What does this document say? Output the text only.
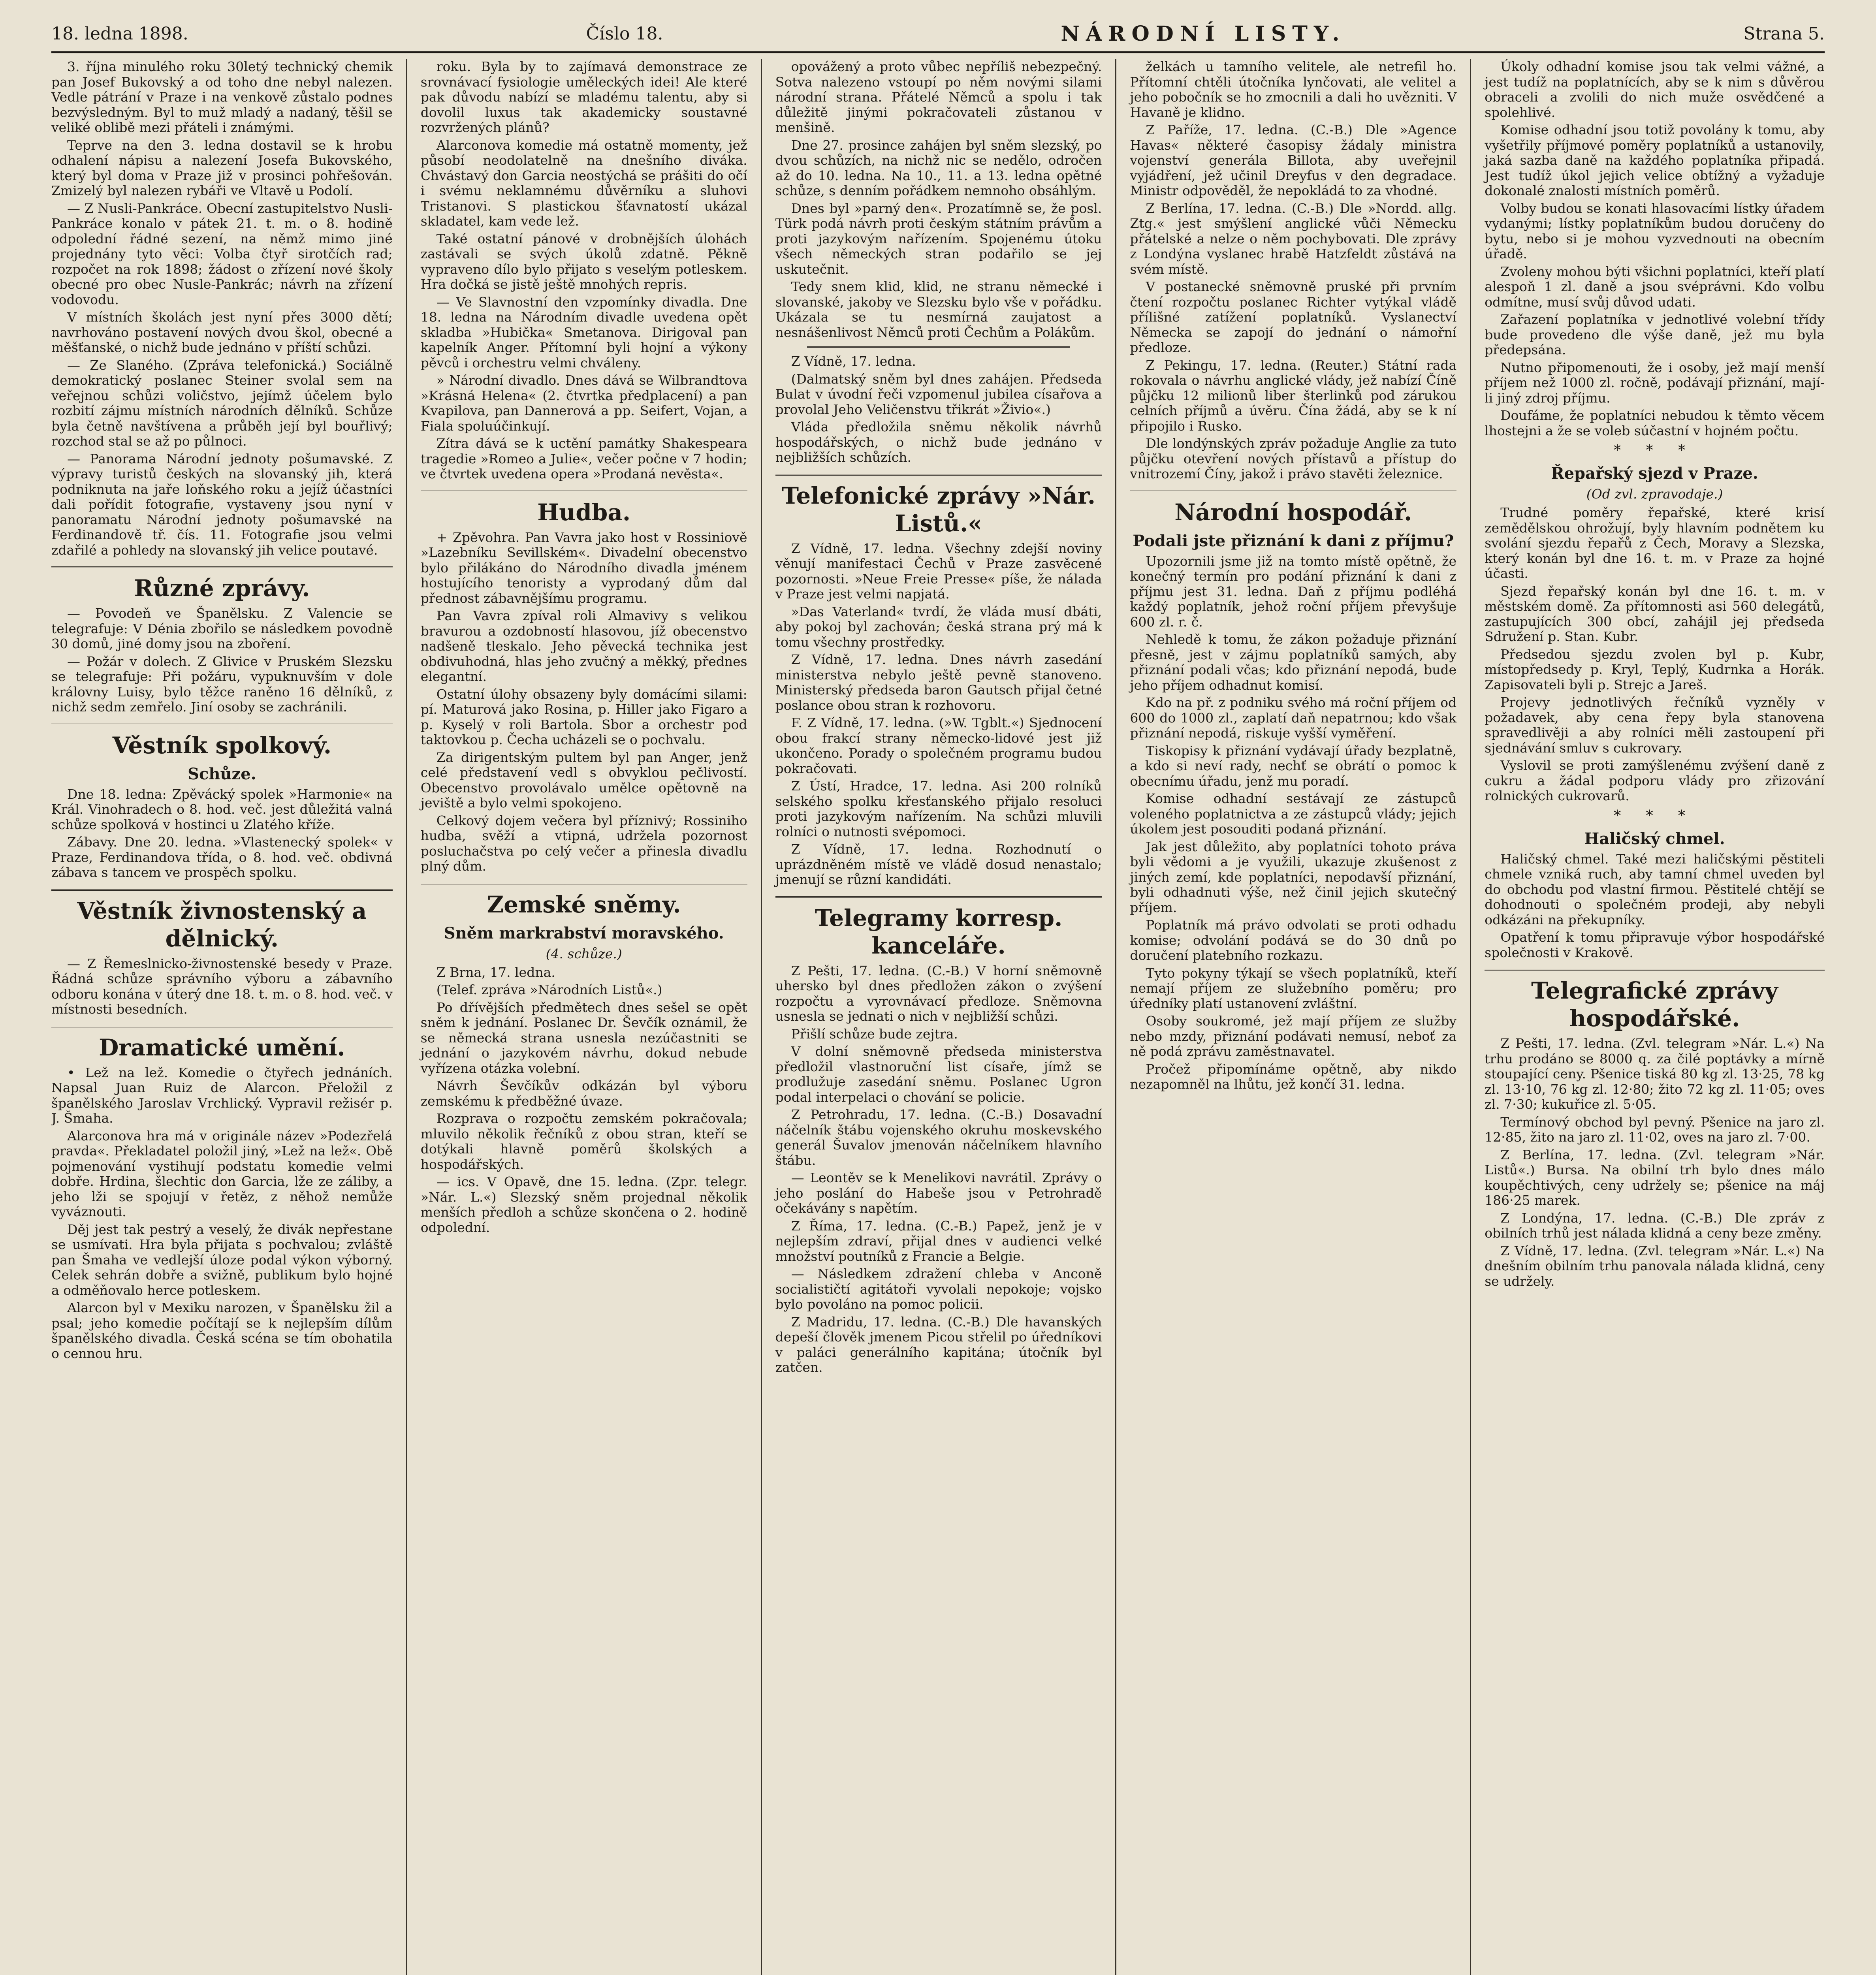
18. ledna 1898.	Číslo 18.	NÁRODNÍ LISTY.	Strana 5.

3. října minulého roku 30letý technický chemik pan Josef Bukovský a od toho dne nebyl nalezen. Vedle pátrání v Praze i na venkově zůstalo podnes bezvýsledným. Byl to muž mladý a nadaný, těšil se veliké oblibě mezi přáteli i známými.

Teprve na den 3. ledna dostavil se k hrobu odhalení nápisu a nalezení Josefa Bukovského, který byl doma v Praze již v prosinci pohřešován. Zmizelý byl nalezen rybáři ve Vltavě u Podolí.

— Z Nusli-Pankráce. Obecní zastupitelstvo Nusli-Pankráce konalo v pátek 21. t. m. o 8. hodině odpolední řádné sezení, na němž mimo jiné projednány tyto věci: Volba čtyř sirotčích rad; rozpočet na rok 1898; žádost o zřízení nové školy obecné pro obec Nusle-Pankrác; návrh na zřízení vodovodu.

V místních školách jest nyní přes 3000 dětí; navrhováno postavení nových dvou škol, obecné a měšťanské, o nichž bude jednáno v příští schůzi.

— Ze Slaného. (Zpráva telefonická.) Sociálně demokratický poslanec Steiner svolal sem na veřejnou schůzi voličstvo, jejímž účelem bylo rozbití zájmu místních národních dělníků. Schůze byla četně navštívena a průběh její byl bouřlivý; rozchod stal se až po půlnoci.

— Panorama Národní jednoty pošumavské. Z výpravy turistů českých na slovanský jih, která podniknuta na jaře loňského roku a jejíž účastníci dali pořídit fotografie, vystaveny jsou nyní v panoramatu Národní jednoty pošumavské na Ferdinandově tř. čís. 11. Fotografie jsou velmi zdařilé a pohledy na slovanský jih velice poutavé.

Různé zprávy.

— Povodeň ve Španělsku. Z Valencie se telegrafuje: V Dénia zbořilo se následkem povodně 30 domů, jiné domy jsou na zboření.

— Požár v dolech. Z Glivice v Pruském Slezsku se telegrafuje: Při požáru, vypuknuvším v dole královny Luisy, bylo těžce raněno 16 dělníků, z nichž sedm zemřelo. Jiní osoby se zachránili.

Věstník spolkový.
Schůze.

Dne 18. ledna: Zpěvácký spolek »Harmonie« na Král. Vinohradech o 8. hod. več. jest důležitá valná schůze spolková v hostinci u Zlatého kříže.

Zábavy. Dne 20. ledna. »Vlastenecký spolek« v Praze, Ferdinandova třída, o 8. hod. več. obdivná zábava s tancem ve prospěch spolku.

Věstník živnostenský a dělnický.

— Z Řemeslnicko-živnostenské besedy v Praze. Řádná schůze správního výboru a zábavního odboru konána v úterý dne 18. t. m. o 8. hod. več. v místnosti besedních.

Dramatické umění.

• Lež na lež. Komedie o čtyřech jednáních. Napsal Juan Ruiz de Alarcon. Přeložil z španělského Jaroslav Vrchlický. Vypravil režisér p. J. Šmaha.

Alarconova hra má v originále název »Podezřelá pravda«. Překladatel položil jiný, »Lež na lež«. Obě pojmenování vystihují podstatu komedie velmi dobře. Hrdina, šlechtic don Garcia, lže ze záliby, a jeho lži se spojují v řetěz, z něhož nemůže vyváznouti.

Děj jest tak pestrý a veselý, že divák nepřestane se usmívati. Hra byla přijata s pochvalou; zvláště pan Šmaha ve vedlejší úloze podal výkon výborný. Celek sehrán dobře a svižně, publikum bylo hojné a odměňovalo herce potleskem.

Alarcon byl v Mexiku narozen, v Španělsku žil a psal; jeho komedie počítají se k nejlepším dílům španělského divadla. Česká scéna se tím obohatila o cennou hru.

roku. Byla by to zajímavá demonstrace ze srovnávací fysiologie uměleckých idei! Ale které pak důvodu nabízí se mladému talentu, aby si dovolil luxus tak akademicky soustavné rozvržených plánů?

Alarconova komedie má ostatně momenty, jež působí neodolatelně na dnešního diváka. Chvástavý don Garcia neostýchá se prášiti do očí i svému neklamnému důvěrníku a sluhovi Tristanovi. S plastickou šťavnatostí ukázal skladatel, kam vede lež.

Také ostatní pánové v drobnějších úlohách zastávali se svých úkolů zdatně. Pěkně vypraveno dílo bylo přijato s veselým potleskem. Hra dočká se jistě ještě mnohých repris.

— Ve Slavnostní den vzpomínky divadla. Dne 18. ledna na Národním divadle uvedena opět skladba »Hubička« Smetanova. Dirigoval pan kapelník Anger. Přítomní byli hojní a výkony pěvců i orchestru velmi chváleny.

» Národní divadlo. Dnes dává se Wilbrandtova »Krásná Helena« (2. čtvrtka předplacení) a pan Kvapilova, pan Dannerová a pp. Seifert, Vojan, a Fiala spoluúčinkují.

Zítra dává se k uctění památky Shakespeara tragedie »Romeo a Julie«, večer počne v 7 hodin; ve čtvrtek uvedena opera »Prodaná nevěsta«.

Hudba.

+ Zpěvohra. Pan Vavra jako host v Rossiniově »Lazebníku Sevillském«. Divadelní obecenstvo bylo přilákáno do Národního divadla jménem hostujícího tenoristy a vyprodaný dům dal přednost zábavnějšímu programu.

Pan Vavra zpíval roli Almavivy s velikou bravurou a ozdobností hlasovou, jíž obecenstvo nadšeně tleskalo. Jeho pěvecká technika jest obdivuhodná, hlas jeho zvučný a měkký, přednes elegantní.

Ostatní úlohy obsazeny byly domácími silami: pí. Maturová jako Rosina, p. Hiller jako Figaro a p. Kyselý v roli Bartola. Sbor a orchestr pod taktovkou p. Čecha ucházeli se o pochvalu.

Za dirigentským pultem byl pan Anger, jenž celé představení vedl s obvyklou pečlivostí. Obecenstvo provolávalo umělce opětovně na jeviště a bylo velmi spokojeno.

Celkový dojem večera byl příznivý; Rossiniho hudba, svěží a vtipná, udržela pozornost posluchačstva po celý večer a přinesla divadlu plný dům.

Zemské sněmy.
Sněm markrabství moravského.
(4. schůze.)

Z Brna, 17. ledna.

(Telef. zpráva »Národních Listů«.)

Po dřívějších předmětech dnes sešel se opět sněm k jednání. Poslanec Dr. Ševčík oznámil, že se německá strana usnesla nezúčastniti se jednání o jazykovém návrhu, dokud nebude vyřízena otázka volební.

Návrh Ševčíkův odkázán byl výboru zemskému k předběžné úvaze.

Rozprava o rozpočtu zemském pokračovala; mluvilo několik řečníků z obou stran, kteří se dotýkali hlavně poměrů školských a hospodářských.

— ics. V Opavě, dne 15. ledna. (Zpr. telegr. »Nár. L.«) Slezský sněm projednal několik menších předloh a schůze skončena o 2. hodině odpolední.

opovážený a proto vůbec nepříliš nebezpečný. Sotva nalezeno vstoupí po něm novými silami národní strana. Přátelé Němců a spolu i tak důležitě jinými pokračovateli zůstanou v menšině.

Dne 27. prosince zahájen byl sněm slezský, po dvou schůzích, na nichž nic se nedělo, odročen až do 10. ledna. Na 10., 11. a 13. ledna opětné schůze, s denním pořádkem nemnoho obsáhlým.

Dnes byl »parný den«. Prozatímně se, že posl. Türk podá návrh proti českým státním právům a proti jazykovým nařízením. Spojenému útoku všech německých stran podařilo se jej uskutečnit.

Tedy snem klid, klid, ne stranu německé i slovanské, jakoby ve Slezsku bylo vše v pořádku. Ukázala se tu nesmírná zaujatost a nesnášenlivost Němců proti Čechům a Polákům.

Z Vídně, 17. ledna.

(Dalmatský sněm byl dnes zahájen. Předseda Bulat v úvodní řeči vzpomenul jubilea císařova a provolal Jeho Veličenstvu třikrát »Živio«.)

Vláda předložila sněmu několik návrhů hospodářských, o nichž bude jednáno v nejbližších schůzích.

Telefonické zprávy »Nár. Listů.«

Z Vídně, 17. ledna. Všechny zdejší noviny věnují manifestaci Čechů v Praze zasvěcené pozornosti. »Neue Freie Presse« píše, že nálada v Praze jest velmi napjatá.

»Das Vaterland« tvrdí, že vláda musí dbáti, aby pokoj byl zachován; česká strana prý má k tomu všechny prostředky.

Z Vídně, 17. ledna. Dnes návrh zasedání ministerstva nebylo ještě pevně stanoveno. Ministerský předseda baron Gautsch přijal četné poslance obou stran k rozhovoru.

F. Z Vídně, 17. ledna. (»W. Tgblt.«) Sjednocení obou frakcí strany německo-lidové jest již ukončeno. Porady o společném programu budou pokračovati.

Z Ústí, Hradce, 17. ledna. Asi 200 rolníků selského spolku křesťanského přijalo resoluci proti jazykovým nařízením. Na schůzi mluvili rolníci o nutnosti svépomoci.

Z Vídně, 17. ledna. Rozhodnutí o uprázdněném místě ve vládě dosud nenastalo; jmenují se různí kandidáti.

Telegramy korresp. kanceláře.

Z Pešti, 17. ledna. (C.-B.) V horní sněmovně uhersko byl dnes předložen zákon o zvýšení rozpočtu a vyrovnávací předloze. Sněmovna usnesla se jednati o nich v nejbližší schůzi.

Přišlí schůze bude zejtra.

V dolní sněmovně předseda ministerstva předložil vlastnoruční list císaře, jímž se prodlužuje zasedání sněmu. Poslanec Ugron podal interpelaci o chování se policie.

Z Petrohradu, 17. ledna. (C.-B.) Dosavadní náčelník štábu vojenského okruhu moskevského generál Šuvalov jmenován náčelníkem hlavního štábu.

— Leontěv se k Menelikovi navrátil. Zprávy o jeho poslání do Habeše jsou v Petrohradě očekávány s napětím.

Z Říma, 17. ledna. (C.-B.) Papež, jenž je v nejlepším zdraví, přijal dnes v audienci velké množství poutníků z Francie a Belgie.

— Následkem zdražení chleba v Anconě socialističtí agitátoři vyvolali nepokoje; vojsko bylo povoláno na pomoc policii.

Z Madridu, 17. ledna. (C.-B.) Dle havanských depeší člověk jmenem Picou střelil po úředníkovi v paláci generálního kapitána; útočník byl zatčen.

želkách u tamního velitele, ale netrefil ho. Přítomní chtěli útočníka lynčovati, ale velitel a jeho pobočník se ho zmocnili a dali ho uvězniti. V Havaně je klidno.

Z Paříže, 17. ledna. (C.-B.) Dle »Agence Havas« některé časopisy žádaly ministra vojenství generála Billota, aby uveřejnil vyjádření, jež učinil Dreyfus v den degradace. Ministr odpověděl, že nepokládá to za vhodné.

Z Berlína, 17. ledna. (C.-B.) Dle »Nordd. allg. Ztg.« jest smýšlení anglické vůči Německu přátelské a nelze o něm pochybovati. Dle zprávy z Londýna vyslanec hrabě Hatzfeldt zůstává na svém místě.

V postanecké sněmovně pruské při prvním čtení rozpočtu poslanec Richter vytýkal vládě přílišné zatížení poplatníků. Vyslanectví Německa se zapojí do jednání o námořní předloze.

Z Pekingu, 17. ledna. (Reuter.) Státní rada rokovala o návrhu anglické vlády, jež nabízí Číně půjčku 12 milionů liber šterlinků pod zárukou celních příjmů a úvěru. Čína žádá, aby se k ní připojilo i Rusko.

Dle londýnských zpráv požaduje Anglie za tuto půjčku otevření nových přístavů a přístup do vnitrozemí Číny, jakož i právo stavěti železnice.

Národní hospodář.
Podali jste přiznání k dani z příjmu?

Upozornili jsme již na tomto místě opětně, že konečný termín pro podání přiznání k dani z příjmu jest 31. ledna. Daň z příjmu podléhá každý poplatník, jehož roční příjem převyšuje 600 zl. r. č.

Nehledě k tomu, že zákon požaduje přiznání přesně, jest v zájmu poplatníků samých, aby přiznání podali včas; kdo přiznání nepodá, bude jeho příjem odhadnut komisí.

Kdo na př. z podniku svého má roční příjem od 600 do 1000 zl., zaplatí daň nepatrnou; kdo však přiznání nepodá, riskuje vyšší vyměření.

Tiskopisy k přiznání vydávají úřady bezplatně, a kdo si neví rady, nechť se obrátí o pomoc k obecnímu úřadu, jenž mu poradí.

Komise odhadní sestávají ze zástupců voleného poplatnictva a ze zástupců vlády; jejich úkolem jest posouditi podaná přiznání.

Jak jest důležito, aby poplatníci tohoto práva byli vědomi a je využili, ukazuje zkušenost z jiných zemí, kde poplatníci, nepodavší přiznání, byli odhadnuti výše, než činil jejich skutečný příjem.

Poplatník má právo odvolati se proti odhadu komise; odvolání podává se do 30 dnů po doručení platebního rozkazu.

Tyto pokyny týkají se všech poplatníků, kteří nemají příjem ze služebního poměru; pro úředníky platí ustanovení zvláštní.

Osoby soukromé, jež mají příjem ze služby nebo mzdy, přiznání podávati nemusí, neboť za ně podá zprávu zaměstnavatel.

Pročež připomínáme opětně, aby nikdo nezapomněl na lhůtu, jež končí 31. ledna.

Úkoly odhadní komise jsou tak velmi vážné, a jest tudíž na poplatnících, aby se k nim s důvěrou obraceli a zvolili do nich muže osvědčené a spolehlivé.

Komise odhadní jsou totiž povolány k tomu, aby vyšetřily příjmové poměry poplatníků a ustanovily, jaká sazba daně na každého poplatníka připadá. Jest tudíž úkol jejich velice obtížný a vyžaduje dokonalé znalosti místních poměrů.

Volby budou se konati hlasovacími lístky úřadem vydanými; lístky poplatníkům budou doručeny do bytu, nebo si je mohou vyzvednouti na obecním úřadě.

Zvoleny mohou býti všichni poplatníci, kteří platí alespoň 1 zl. daně a jsou svéprávni. Kdo volbu odmítne, musí svůj důvod udati.

Zařazení poplatníka v jednotlivé volební třídy bude provedeno dle výše daně, jež mu byla předepsána.

Nutno připomenouti, že i osoby, jež mají menší příjem než 1000 zl. ročně, podávají přiznání, mají-li jiný zdroj příjmu.

Doufáme, že poplatníci nebudou k těmto věcem lhostejni a že se voleb súčastní v hojném počtu.

* * *
Řepařský sjezd v Praze.
(Od zvl. zpravodaje.)

Trudné poměry řepařské, které krisí zemědělskou ohrožují, byly hlavním podnětem ku svolání sjezdu řepařů z Čech, Moravy a Slezska, který konán byl dne 16. t. m. v Praze za hojné účasti.

Sjezd řepařský konán byl dne 16. t. m. v městském domě. Za přítomnosti asi 560 delegátů, zastupujících 300 obcí, zahájil jej předseda Sdružení p. Stan. Kubr.

Předsedou sjezdu zvolen byl p. Kubr, místopředsedy p. Kryl, Teplý, Kudrnka a Horák. Zapisovateli byli p. Strejc a Jareš.

Projevy jednotlivých řečníků vyzněly v požadavek, aby cena řepy byla stanovena spravedlivěji a aby rolníci měli zastoupení při sjednávání smluv s cukrovary.

Vyslovil se proti zamýšlenému zvýšení daně z cukru a žádal podporu vlády pro zřizování rolnických cukrovarů.

* * *
Haličský chmel.

Haličský chmel. Také mezi haličskými pěstiteli chmele vzniká ruch, aby tamní chmel uveden byl do obchodu pod vlastní firmou. Pěstitelé chtějí se dohodnouti o společném prodeji, aby nebyli odkázáni na překupníky.

Opatření k tomu připravuje výbor hospodářské společnosti v Krakově.

Telegrafické zprávy hospodářské.

Z Pešti, 17. ledna. (Zvl. telegram »Nár. L.«) Na trhu prodáno se 8000 q. za čilé poptávky a mírně stoupající ceny. Pšenice tiská 80 kg zl. 13·25, 78 kg zl. 13·10, 76 kg zl. 12·80; žito 72 kg zl. 11·05; oves zl. 7·30; kukuřice zl. 5·05.

Termínový obchod byl pevný. Pšenice na jaro zl. 12·85, žito na jaro zl. 11·02, oves na jaro zl. 7·00.

Z Berlína, 17. ledna. (Zvl. telegram »Nár. Listů«.) Bursa. Na obilní trh bylo dnes málo koupěchtivých, ceny udržely se; pšenice na máj 186·25 marek.

Z Londýna, 17. ledna. (C.-B.) Dle zpráv z obilních trhů jest nálada klidná a ceny beze změny.

Z Vídně, 17. ledna. (Zvl. telegram »Nár. L.«) Na dnešním obilním trhu panovala nálada klidná, ceny se udržely.
